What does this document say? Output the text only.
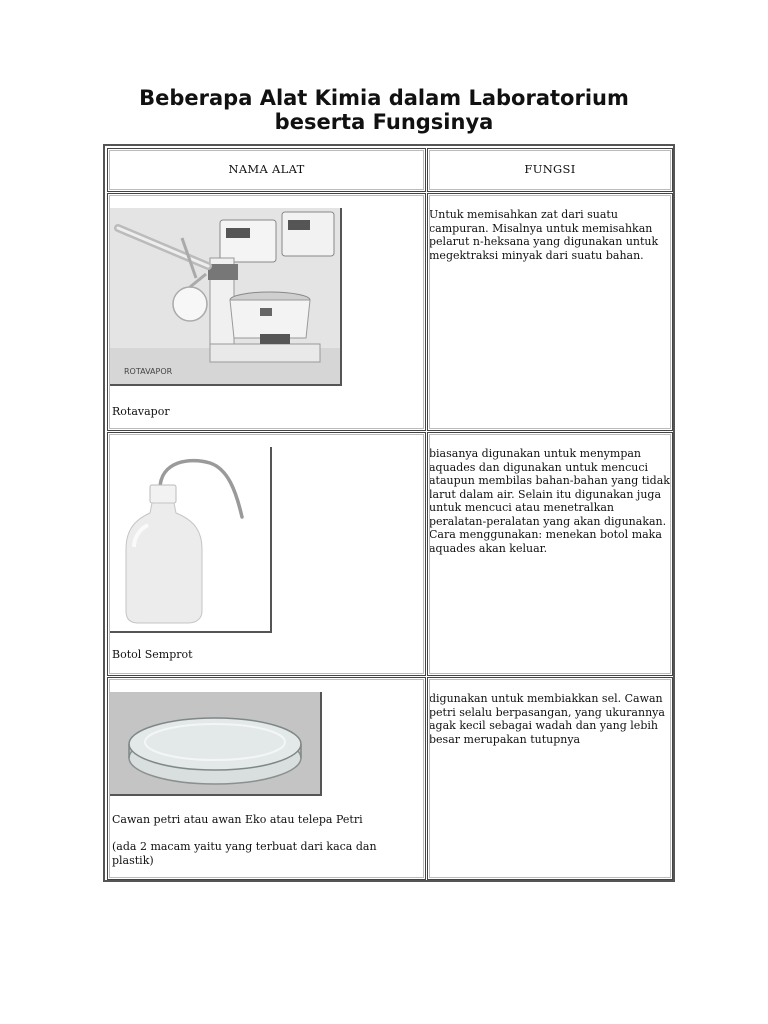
Beberapa Alat Kimia dalam Laboratorium
beserta Fungsinya
NAMA ALAT	FUNGSI
ROTAVAPOR
Rotavapor
Untuk memisahkan zat dari suatu campuran. Misalnya untuk memisahkan pelarut n-heksana yang digunakan untuk megektraksi minyak dari suatu bahan.
Botol Semprot
biasanya digunakan untuk menympan aquades dan digunakan untuk mencuci ataupun membilas bahan-bahan yang tidak larut dalam air. Selain itu digunakan juga untuk mencuci atau menetralkan peralatan-peralatan yang akan digunakan. Cara menggunakan: menekan botol maka aquades akan keluar.
Cawan petri atau awan Eko atau telepa Petri
(ada 2 macam yaitu yang terbuat dari kaca dan plastik)
digunakan untuk membiakkan sel. Cawan petri selalu berpasangan, yang ukurannya agak kecil sebagai wadah dan yang lebih besar merupakan tutupnya
